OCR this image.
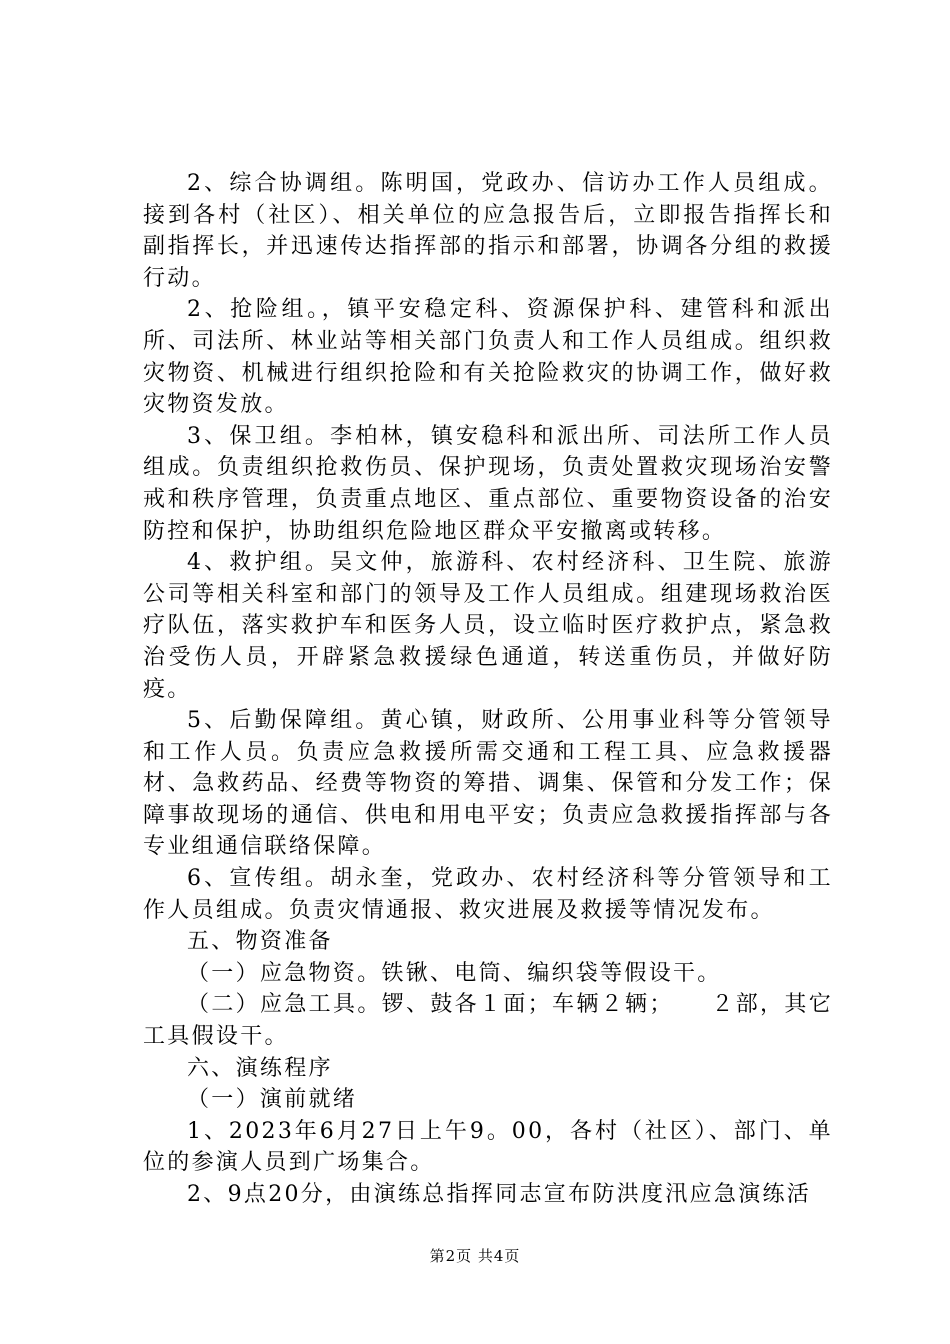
2、综合协调组。陈明国，党政办、信访办工作人员组成。接到各村（社区）、相关单位的应急报告后，立即报告指挥长和副指挥长，并迅速传达指挥部的指示和部署，协调各分组的救援行动。

2、抢险组。，镇平安稳定科、资源保护科、建管科和派出所、司法所、林业站等相关部门负责人和工作人员组成。组织救灾物资、机械进行组织抢险和有关抢险救灾的协调工作，做好救灾物资发放。

3、保卫组。李柏林，镇安稳科和派出所、司法所工作人员组成。负责组织抢救伤员、保护现场，负责处置救灾现场治安警戒和秩序管理，负责重点地区、重点部位、重要物资设备的治安防控和保护，协助组织危险地区群众平安撤离或转移。

4、救护组。吴文仲，旅游科、农村经济科、卫生院、旅游公司等相关科室和部门的领导及工作人员组成。组建现场救治医疗队伍，落实救护车和医务人员，设立临时医疗救护点，紧急救治受伤人员，开辟紧急救援绿色通道，转送重伤员，并做好防疫。

5、后勤保障组。黄心镇，财政所、公用事业科等分管领导和工作人员。负责应急救援所需交通和工程工具、应急救援器材、急救药品、经费等物资的筹措、调集、保管和分发工作；保障事故现场的通信、供电和用电平安；负责应急救援指挥部与各专业组通信联络保障。

6、宣传组。胡永奎，党政办、农村经济科等分管领导和工作人员组成。负责灾情通报、救灾进展及救援等情况发布。

五、物资准备

（一）应急物资。铁锹、电筒、编织袋等假设干。

（二）应急工具。锣、鼓各１面；车辆２辆；　　２部，其它工具假设干。

六、演练程序

（一）演前就绪

1、2023年6月27日上午9。00，各村（社区）、部门、单位的参演人员到广场集合。

2、9点20分，由演练总指挥同志宣布防洪度汛应急演练活

第2页 共4页
